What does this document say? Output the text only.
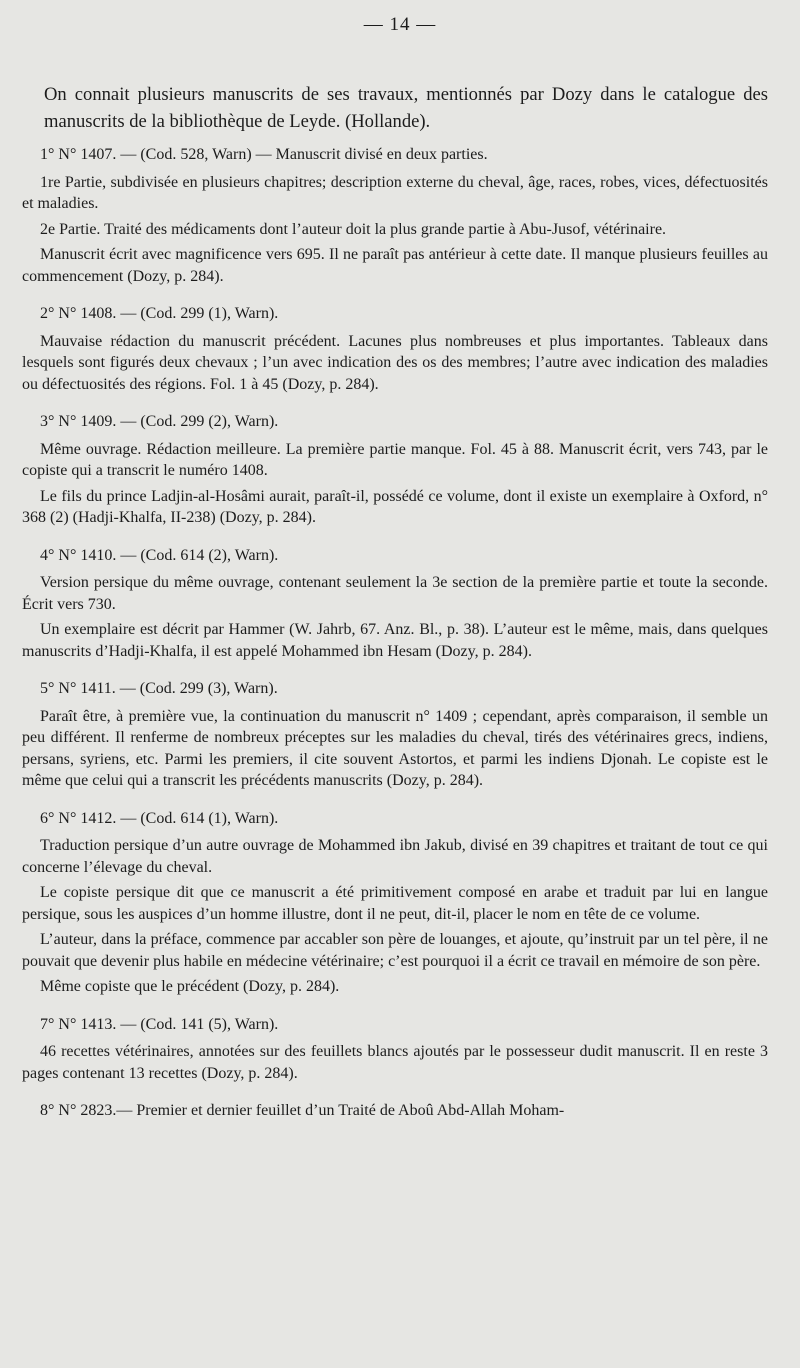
— 14 —

On connait plusieurs manuscrits de ses travaux, mentionnés par Dozy dans le catalogue des manuscrits de la bibliothèque de Leyde. (Hollande).

1° N° 1407. — (Cod. 528, Warn) — Manuscrit divisé en deux parties.

1re Partie, subdivisée en plusieurs chapitres; description externe du cheval, âge, races, robes, vices, défectuosités et maladies.

2e Partie. Traité des médicaments dont l’auteur doit la plus grande partie à Abu-Jusof, vétérinaire.

Manuscrit écrit avec magnificence vers 695. Il ne paraît pas antérieur à cette date. Il manque plusieurs feuilles au commencement (Dozy, p. 284).

2° N° 1408. — (Cod. 299 (1), Warn).

Mauvaise rédaction du manuscrit précédent. Lacunes plus nombreuses et plus importantes. Tableaux dans lesquels sont figurés deux chevaux ; l’un avec indication des os des membres; l’autre avec indication des maladies ou défectuosités des régions. Fol. 1 à 45 (Dozy, p. 284).

3° N° 1409. — (Cod. 299 (2), Warn).

Même ouvrage. Rédaction meilleure. La première partie manque. Fol. 45 à 88. Manuscrit écrit, vers 743, par le copiste qui a transcrit le numéro 1408.

Le fils du prince Ladjin-al-Hosâmi aurait, paraît-il, possédé ce volume, dont il existe un exemplaire à Oxford, n° 368 (2) (Hadji-Khalfa, II-238) (Dozy, p. 284).

4° N° 1410. — (Cod. 614 (2), Warn).

Version persique du même ouvrage, contenant seulement la 3e section de la première partie et toute la seconde. Écrit vers 730.

Un exemplaire est décrit par Hammer (W. Jahrb, 67. Anz. Bl., p. 38). L’auteur est le même, mais, dans quelques manuscrits d’Hadji-Khalfa, il est appelé Mohammed ibn Hesam (Dozy, p. 284).

5° N° 1411. — (Cod. 299 (3), Warn).

Paraît être, à première vue, la continuation du manuscrit n° 1409 ; cependant, après comparaison, il semble un peu différent. Il renferme de nombreux préceptes sur les maladies du cheval, tirés des vétérinaires grecs, indiens, persans, syriens, etc. Parmi les premiers, il cite souvent Astortos, et parmi les indiens Djonah. Le copiste est le même que celui qui a transcrit les précédents manuscrits (Dozy, p. 284).

6° N° 1412. — (Cod. 614 (1), Warn).

Traduction persique d’un autre ouvrage de Mohammed ibn Jakub, divisé en 39 chapitres et traitant de tout ce qui concerne l’élevage du cheval.

Le copiste persique dit que ce manuscrit a été primitivement composé en arabe et traduit par lui en langue persique, sous les auspices d’un homme illustre, dont il ne peut, dit-il, placer le nom en tête de ce volume.

L’auteur, dans la préface, commence par accabler son père de louanges, et ajoute, qu’instruit par un tel père, il ne pouvait que devenir plus habile en médecine vétérinaire; c’est pourquoi il a écrit ce travail en mémoire de son père.

Même copiste que le précédent (Dozy, p. 284).

7° N° 1413. — (Cod. 141 (5), Warn).

46 recettes vétérinaires, annotées sur des feuillets blancs ajoutés par le possesseur dudit manuscrit. Il en reste 3 pages contenant 13 recettes (Dozy, p. 284).

8° N° 2823.— Premier et dernier feuillet d’un Traité de Aboû Abd-Allah Moham-
